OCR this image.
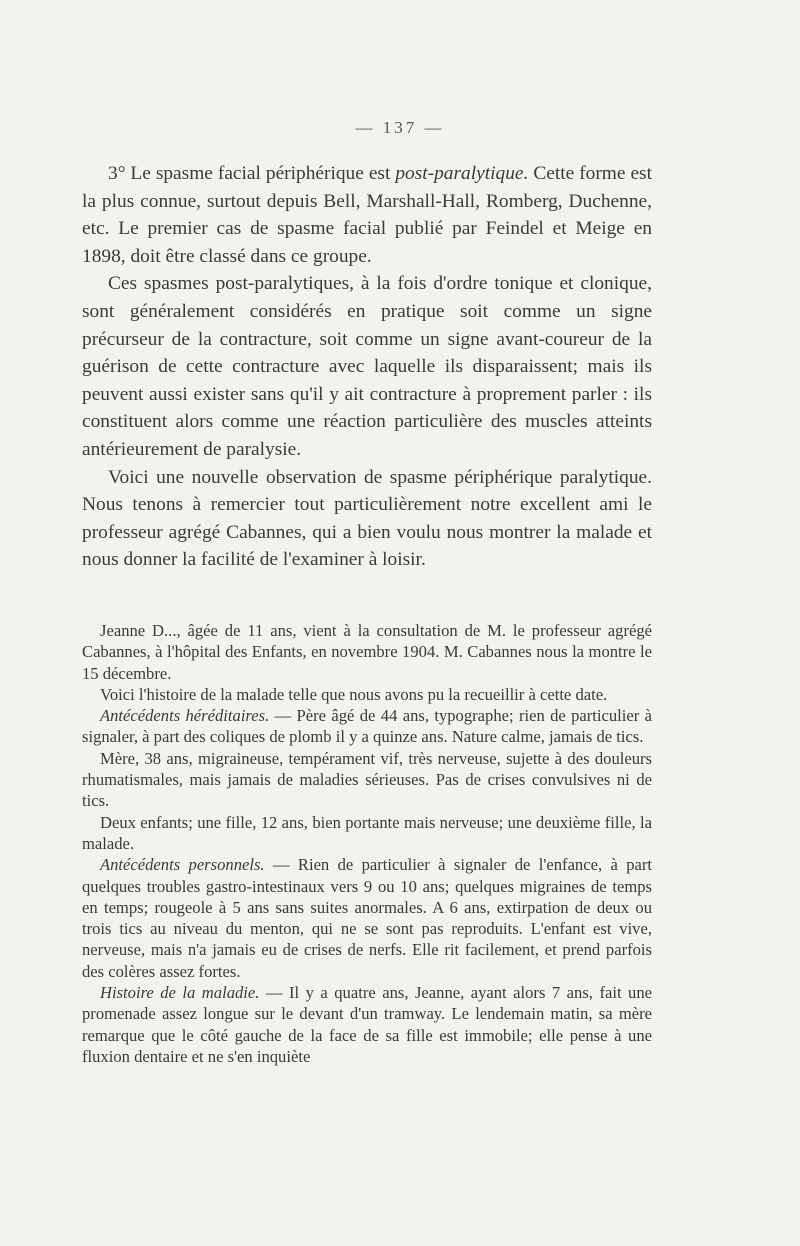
— 137 —

3° Le spasme facial périphérique est post-paralytique. Cette forme est la plus connue, surtout depuis Bell, Marshall-Hall, Romberg, Duchenne, etc. Le premier cas de spasme facial publié par Feindel et Meige en 1898, doit être classé dans ce groupe.

Ces spasmes post-paralytiques, à la fois d'ordre tonique et clonique, sont généralement considérés en pratique soit comme un signe précurseur de la contracture, soit comme un signe avant-coureur de la guérison de cette contracture avec laquelle ils disparaissent; mais ils peuvent aussi exister sans qu'il y ait contracture à proprement parler : ils constituent alors comme une réaction particulière des muscles atteints antérieurement de paralysie.

Voici une nouvelle observation de spasme périphérique paralytique. Nous tenons à remercier tout particulièrement notre excellent ami le professeur agrégé Cabannes, qui a bien voulu nous montrer la malade et nous donner la facilité de l'examiner à loisir.

Jeanne D..., âgée de 11 ans, vient à la consultation de M. le professeur agrégé Cabannes, à l'hôpital des Enfants, en novembre 1904. M. Cabannes nous la montre le 15 décembre.

Voici l'histoire de la malade telle que nous avons pu la recueillir à cette date.

Antécédents héréditaires. — Père âgé de 44 ans, typographe; rien de particulier à signaler, à part des coliques de plomb il y a quinze ans. Nature calme, jamais de tics.

Mère, 38 ans, migraineuse, tempérament vif, très nerveuse, sujette à des douleurs rhumatismales, mais jamais de maladies sérieuses. Pas de crises convulsives ni de tics.

Deux enfants; une fille, 12 ans, bien portante mais nerveuse; une deuxième fille, la malade.

Antécédents personnels. — Rien de particulier à signaler de l'enfance, à part quelques troubles gastro-intestinaux vers 9 ou 10 ans; quelques migraines de temps en temps; rougeole à 5 ans sans suites anormales. A 6 ans, extirpation de deux ou trois tics au niveau du menton, qui ne se sont pas reproduits. L'enfant est vive, nerveuse, mais n'a jamais eu de crises de nerfs. Elle rit facilement, et prend parfois des colères assez fortes.

Histoire de la maladie. — Il y a quatre ans, Jeanne, ayant alors 7 ans, fait une promenade assez longue sur le devant d'un tramway. Le lendemain matin, sa mère remarque que le côté gauche de la face de sa fille est immobile; elle pense à une fluxion dentaire et ne s'en inquiète
